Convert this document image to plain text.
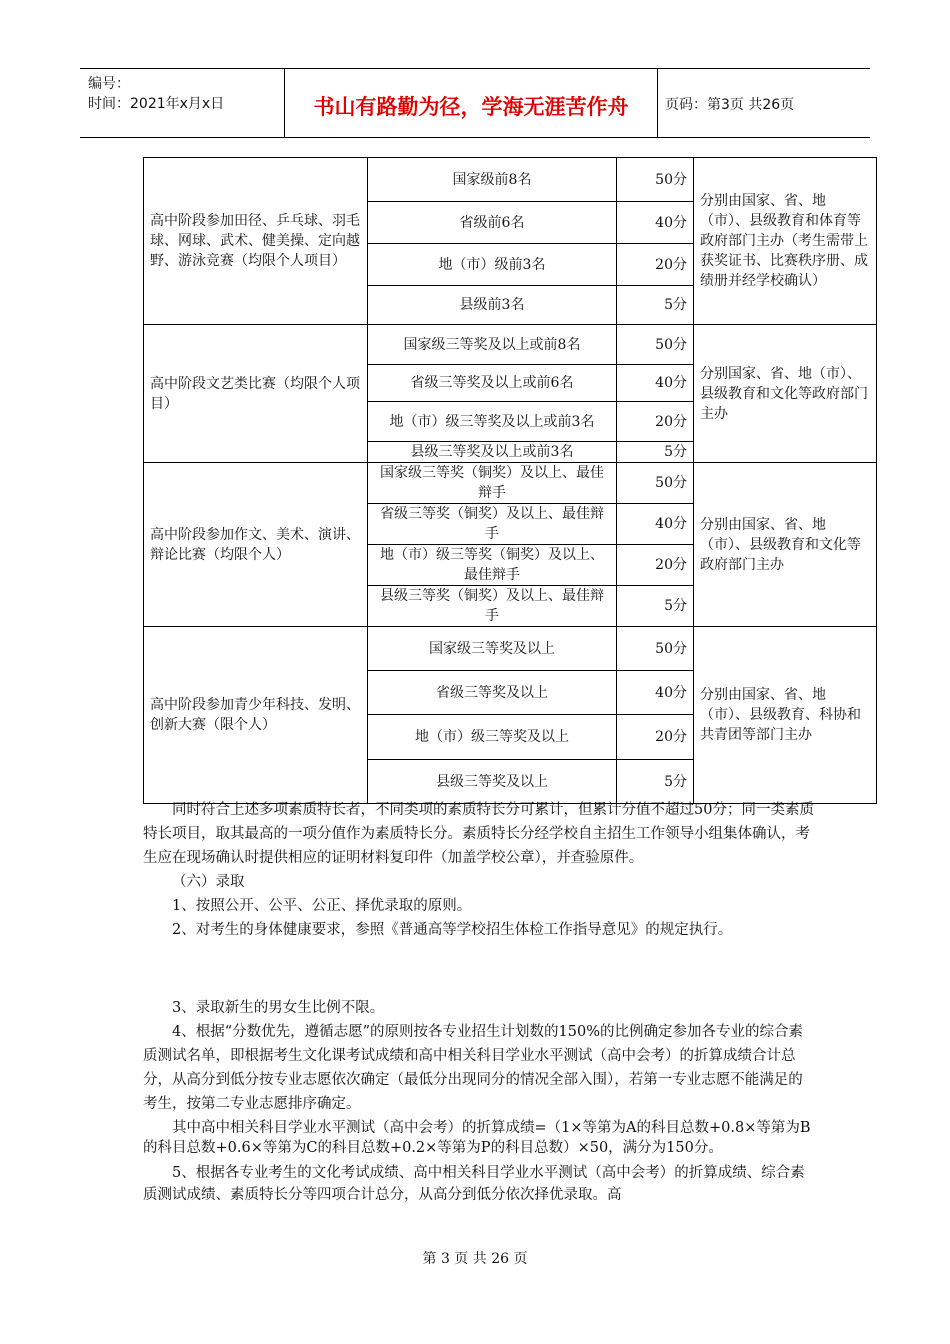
编号：
时间：2021年x月x日	书山有路勤为径，学海无涯苦作舟	页码：第3页 共26页
高中阶段参加田径、乒乓球、羽毛球、网球、武术、健美操、定向越野、游泳竞赛（均限个人项目）	国家级前8名	50分	分别由国家、省、地（市）、县级教育和体育等政府部门主办（考生需带上获奖证书、比赛秩序册、成绩册并经学校确认）
	省级前6名	40分	
	地（市）级前3名	20分	
	县级前3名	5分	
高中阶段文艺类比赛（均限个人项目）	国家级三等奖及以上或前8名	50分	分别国家、省、地（市）、县级教育和文化等政府部门主办
	省级三等奖及以上或前6名	40分	
	地（市）级三等奖及以上或前3名	20分	
	县级三等奖及以上或前3名	5分	
高中阶段参加作文、美术、演讲、辩论比赛（均限个人）	国家级三等奖（铜奖）及以上、最佳辩手	50分	分别由国家、省、地（市）、县级教育和文化等政府部门主办
	省级三等奖（铜奖）及以上、最佳辩手	40分	
	地（市）级三等奖（铜奖）及以上、最佳辩手	20分	
	县级三等奖（铜奖）及以上、最佳辩手	5分	
高中阶段参加青少年科技、发明、创新大赛（限个人）	国家级三等奖及以上	50分	分别由国家、省、地（市）、县级教育、科协和共青团等部门主办
	省级三等奖及以上	40分	
	地（市）级三等奖及以上	20分	
	县级三等奖及以上	5分	

同时符合上述多项素质特长者，不同类项的素质特长分可累计，但累计分值不超过50分；同一类素质特长项目，取其最高的一项分值作为素质特长分。素质特长分经学校自主招生工作领导小组集体确认，考生应在现场确认时提供相应的证明材料复印件（加盖学校公章），并查验原件。

（六）录取

1、按照公开、公平、公正、择优录取的原则。

2、对考生的身体健康要求，参照《普通高等学校招生体检工作指导意见》的规定执行。

3、录取新生的男女生比例不限。

4、根据“分数优先，遵循志愿”的原则按各专业招生计划数的150%的比例确定参加各专业的综合素质测试名单，即根据考生文化课考试成绩和高中相关科目学业水平测试（高中会考）的折算成绩合计总分，从高分到低分按专业志愿依次确定（最低分出现同分的情况全部入围），若第一专业志愿不能满足的考生，按第二专业志愿排序确定。

其中高中相关科目学业水平测试（高中会考）的折算成绩=（1×等第为A的科目总数+0.8×等第为B的科目总数+0.6×等第为C的科目总数+0.2×等第为P的科目总数）×50，满分为150分。

5、根据各专业考生的文化考试成绩、高中相关科目学业水平测试（高中会考）的折算成绩、综合素质测试成绩、素质特长分等四项合计总分，从高分到低分依次择优录取。高

第 3 页 共 26 页
